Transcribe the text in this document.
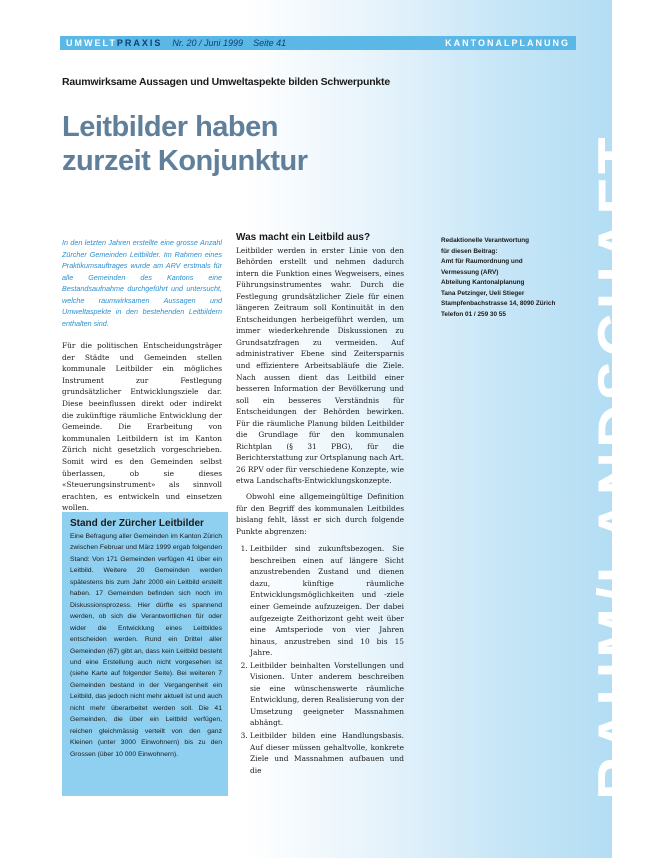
UMWELT PRAXIS Nr. 20 / Juni 1999 Seite 41	KANTONALPLANUNG
RAUM/LANDSCHAFT
Raumwirksame Aussagen und Umweltaspekte bilden Schwerpunkte
Leitbilder haben
zurzeit Konjunktur
In den letzten Jahren erstellte eine grosse Anzahl Zürcher Gemeinden Leitbilder. Im Rahmen eines Praktikumsauftrages wurde am ARV erstmals für alle Gemeinden des Kantons eine Bestandsaufnahme durchgeführt und untersucht, welche raumwirksamen Aussagen und Umweltaspekte in den bestehenden Leitbildern enthalten sind.
Für die politischen Entscheidungsträger der Städte und Gemeinden stellen kommunale Leitbilder ein mögliches Instrument zur Festlegung grundsätzlicher Entwicklungsziele dar. Diese beeinflussen direkt oder indirekt die zukünftige räumliche Entwicklung der Gemeinde. Die Erarbeitung von kommunalen Leitbildern ist im Kanton Zürich nicht gesetzlich vorgeschrieben. Somit wird es den Gemeinden selbst überlassen, ob sie dieses «Steuerungsinstrument» als sinnvoll erachten, es entwickeln und einsetzen wollen.
Stand der Zürcher Leitbilder
Eine Befragung aller Gemeinden im Kanton Zürich zwischen Februar und März 1999 ergab folgenden Stand: Von 171 Gemeinden verfügen 41 über ein Leitbild. Weitere 20 Gemeinden werden spätestens bis zum Jahr 2000 ein Leitbild erstellt haben. 17 Gemeinden befinden sich noch im Diskussionsprozess. Hier dürfte es spannend werden, ob sich die Verantwortlichen für oder wider die Entwicklung eines Leitbildes entscheiden werden. Rund ein Drittel aller Gemeinden (67) gibt an, dass kein Leitbild besteht und eine Erstellung auch nicht vorgesehen ist (siehe Karte auf folgender Seite). Bei weiteren 7 Gemeinden bestand in der Vergangenheit ein Leitbild, das jedoch nicht mehr aktuell ist und auch nicht mehr überarbeitet werden soll. Die 41 Gemeinden, die über ein Leitbild verfügen, reichen gleichmässig verteilt von den ganz Kleinen (unter 3000 Einwohnern) bis zu den Grossen (über 10 000 Einwohnern).
Was macht ein Leitbild aus?

Leitbilder werden in erster Linie von den Behörden erstellt und nehmen dadurch intern die Funktion eines Wegweisers, eines Führungsinstrumentes wahr. Durch die Festlegung grundsätzlicher Ziele für einen längeren Zeitraum soll Kontinuität in den Entscheidungen herbeigeführt werden, um immer wiederkehrende Diskussionen zu Grundsatzfragen zu vermeiden. Auf administrativer Ebene sind Zeitersparnis und effizientere Arbeitsabläufe die Ziele. Nach aussen dient das Leitbild einer besseren Information der Bevölkerung und soll ein besseres Verständnis für Entscheidungen der Behörden bewirken. Für die räumliche Planung bilden Leitbilder die Grundlage für den kommunalen Richtplan (§ 31 PBG), für die Berichterstattung zur Ortsplanung nach Art. 26 RPV oder für verschiedene Konzepte, wie etwa Landschafts-Entwicklungskonzepte.

Obwohl eine allgemeingültige Definition für den Begriff des kommunalen Leitbildes bislang fehlt, lässt er sich durch folgende Punkte abgrenzen:

1. Leitbilder sind zukunftsbezogen. Sie beschreiben einen auf längere Sicht anzustrebenden Zustand und dienen dazu, künftige räumliche Entwicklungsmöglichkeiten und -ziele einer Gemeinde aufzuzeigen. Der dabei aufgezeigte Zeithorizont geht weit über eine Amtsperiode von vier Jahren hinaus, anzustreben sind 10 bis 15 Jahre.
2. Leitbilder beinhalten Vorstellungen und Visionen. Unter anderem beschreiben sie eine wünschenswerte räumliche Entwicklung, deren Realisierung von der Umsetzung geeigneter Massnahmen abhängt.
3. Leitbilder bilden eine Handlungsbasis. Auf dieser müssen gehaltvolle, konkrete Ziele und Massnahmen aufbauen und die
Redaktionelle Verantwortung
für diesen Beitrag:
Amt für Raumordnung und
Vermessung (ARV)
Abteilung Kantonalplanung
Tana Petzinger, Ueli Stieger
Stampfenbachstrasse 14, 8090 Zürich
Telefon 01 / 259 30 55
